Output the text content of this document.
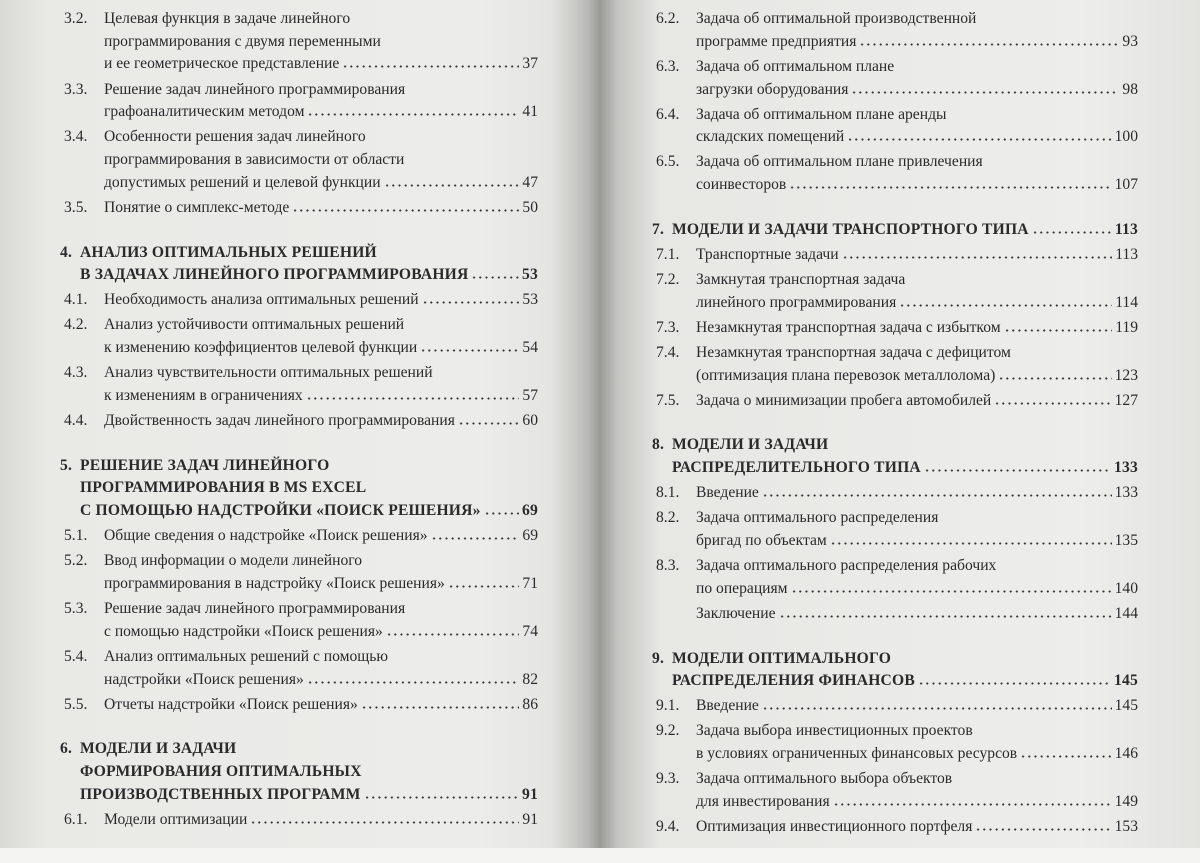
3.2. Целевая функция в задаче линейного
программирования с двумя переменными
и ее геометрическое представление	37
3.3. Решение задач линейного программирования
графоаналитическим методом	41
3.4. Особенности решения задач линейного
программирования в зависимости от области
допустимых решений и целевой функции	47
3.5. Понятие о симплекс-методе	50
4. АНАЛИЗ ОПТИМАЛЬНЫХ РЕШЕНИЙ
В ЗАДАЧАХ ЛИНЕЙНОГО ПРОГРАММИРОВАНИЯ	53
4.1. Необходимость анализа оптимальных решений	53
4.2. Анализ устойчивости оптимальных решений
к изменению коэффициентов целевой функции	54
4.3. Анализ чувствительности оптимальных решений
к изменениям в ограничениях	57
4.4. Двойственность задач линейного программирования	60
5. РЕШЕНИЕ ЗАДАЧ ЛИНЕЙНОГО
ПРОГРАММИРОВАНИЯ В MS EXCEL
С ПОМОЩЬЮ НАДСТРОЙКИ «ПОИСК РЕШЕНИЯ»	69
5.1. Общие сведения о надстройке «Поиск решения»	69
5.2. Ввод информации о модели линейного
программирования в надстройку «Поиск решения»	71
5.3. Решение задач линейного программирования
с помощью надстройки «Поиск решения»	74
5.4. Анализ оптимальных решений с помощью
надстройки «Поиск решения»	82
5.5. Отчеты надстройки «Поиск решения»	86
6. МОДЕЛИ И ЗАДАЧИ
ФОРМИРОВАНИЯ ОПТИМАЛЬНЫХ
ПРОИЗВОДСТВЕННЫХ ПРОГРАММ	91
6.1. Модели оптимизации	91
6.2. Задача об оптимальной производственной
программе предприятия	93
6.3. Задача об оптимальном плане
загрузки оборудования	98
6.4. Задача об оптимальном плане аренды
складских помещений	100
6.5. Задача об оптимальном плане привлечения
соинвесторов	107
7. МОДЕЛИ И ЗАДАЧИ ТРАНСПОРТНОГО ТИПА	113
7.1. Транспортные задачи	113
7.2. Замкнутая транспортная задача
линейного программирования	114
7.3. Незамкнутая транспортная задача с избытком	119
7.4. Незамкнутая транспортная задача с дефицитом
(оптимизация плана перевозок металлолома)	123
7.5. Задача о минимизации пробега автомобилей	127
8. МОДЕЛИ И ЗАДАЧИ
РАСПРЕДЕЛИТЕЛЬНОГО ТИПА	133
8.1. Введение	133
8.2. Задача оптимального распределения
бригад по объектам	135
8.3. Задача оптимального распределения рабочих
по операциям	140
Заключение	144
9. МОДЕЛИ ОПТИМАЛЬНОГО
РАСПРЕДЕЛЕНИЯ ФИНАНСОВ	145
9.1. Введение	145
9.2. Задача выбора инвестиционных проектов
в условиях ограниченных финансовых ресурсов	146
9.3. Задача оптимального выбора объектов
для инвестирования	149
9.4. Оптимизация инвестиционного портфеля	153
